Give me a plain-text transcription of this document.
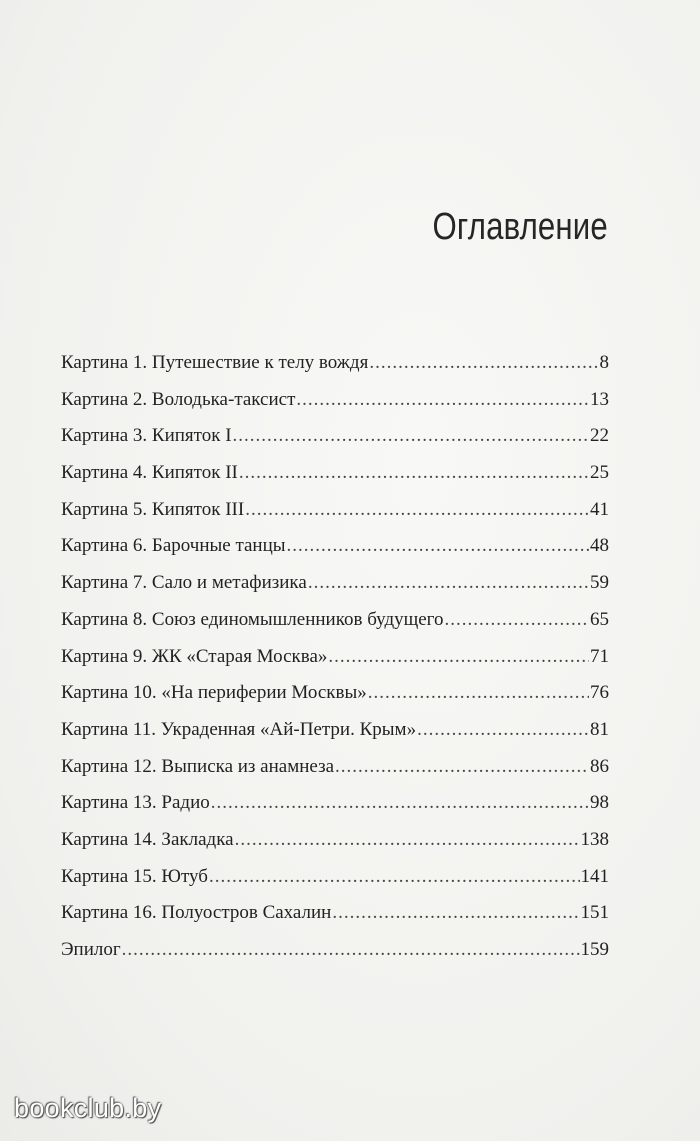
Оглавление
Картина 1. Путешествие к телу вождя .....	8
Картина 2. Володька-таксист .....	13
Картина 3. Кипяток I .....	22
Картина 4. Кипяток II .....	25
Картина 5. Кипяток III .....	41
Картина 6. Барочные танцы .....	48
Картина 7. Сало и метафизика .....	59
Картина 8. Союз единомышленников будущего .....	65
Картина 9. ЖК «Старая Москва» .....	71
Картина 10. «На периферии Москвы» .....	76
Картина 11. Украденная «Ай-Петри. Крым» .....	81
Картина 12. Выписка из анамнеза .....	86
Картина 13. Радио .....	98
Картина 14. Закладка .....	138
Картина 15. Ютуб .....	141
Картина 16. Полуостров Сахалин .....	151
Эпилог .....	159
bookclub.by
